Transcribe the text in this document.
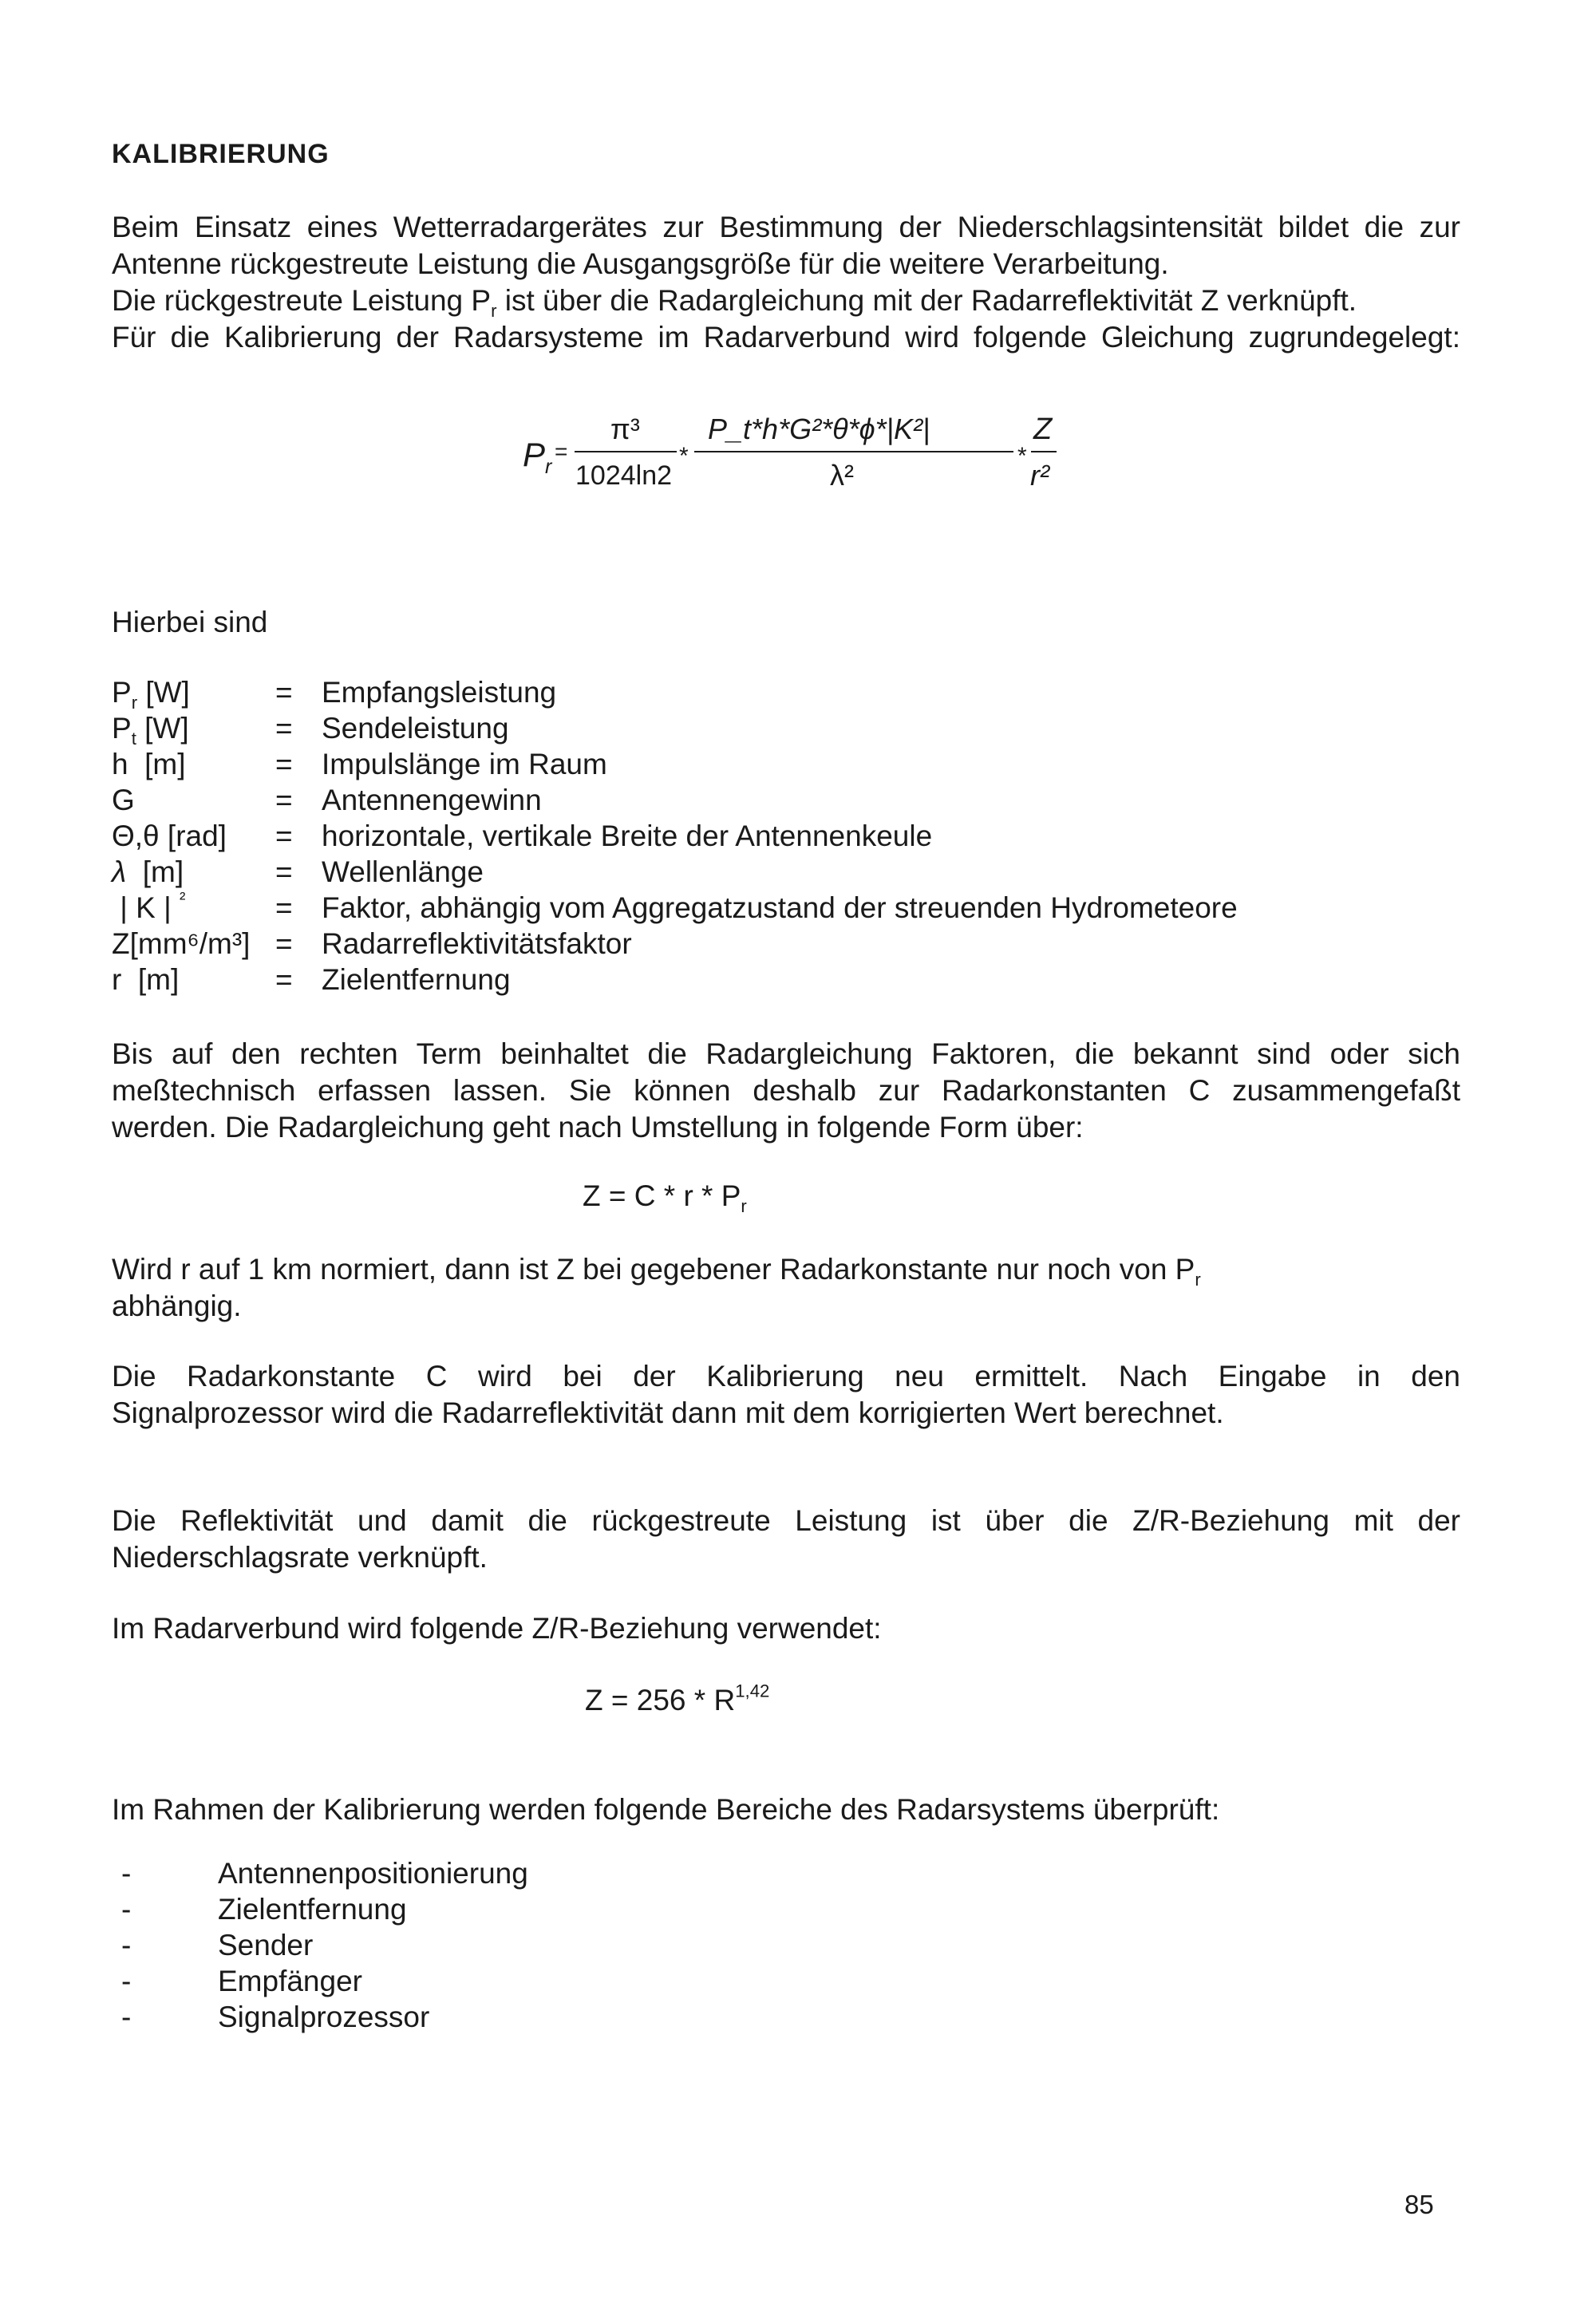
KALIBRIERUNG
Beim Einsatz eines Wetterradargerätes zur Bestimmung der Niederschlagsintensität bildet die zur
Antenne rückgestreute Leistung die Ausgangsgröße für die weitere Verarbeitung.
Die rückgestreute Leistung $P_r$ ist über die Radargleichung mit der Radarreflektivität Z verknüpft.
Für die Kalibrierung der Radarsysteme im Radarverbund wird folgende Gleichung zugrundegelegt:
$P_r$
=
π³
1024ln2
*
P_t*h*G²*θ*ϕ*|K²|
λ²
*
Z
r²
Hierbei sind
$P_r$ [W]	= Empfangsleistung
$P_t$ [W]	= Sendeleistung
h [m]	= Impulslänge im Raum
G	= Antennengewinn
Θ,θ [rad]	= horizontale, vertikale Breite der Antennenkeule
λ [m]	= Wellenlänge
| K | $^{^2}$	= Faktor, abhängig vom Aggregatzustand der streuenden Hydrometeore
Z[mm⁶/m³] = Radarreflektivitätsfaktor
r [m]	= Zielentfernung
Bis auf den rechten Term beinhaltet die Radargleichung Faktoren, die bekannt sind oder sich
meßtechnisch erfassen lassen. Sie können deshalb zur Radarkonstanten C zusammengefaßt
werden. Die Radargleichung geht nach Umstellung in folgende Form über:
$Z = C * r * P_r$
Wird r auf 1 km normiert, dann ist Z bei gegebener Radarkonstante nur noch von $P_r$
abhängig.
Die Radarkonstante C wird bei der Kalibrierung neu ermittelt. Nach Eingabe in den
Signalprozessor wird die Radarreflektivität dann mit dem korrigierten Wert berechnet.
Die Reflektivität und damit die rückgestreute Leistung ist über die Z/R-Beziehung mit der
Niederschlagsrate verknüpft.
Im Radarverbund wird folgende Z/R-Beziehung verwendet:
Z = 256 * R$^{1,42}$
Im Rahmen der Kalibrierung werden folgende Bereiche des Radarsystems überprüft:
-	Antennenpositionierung
-	Zielentfernung
-	Sender
-	Empfänger
-	Signalprozessor
85
